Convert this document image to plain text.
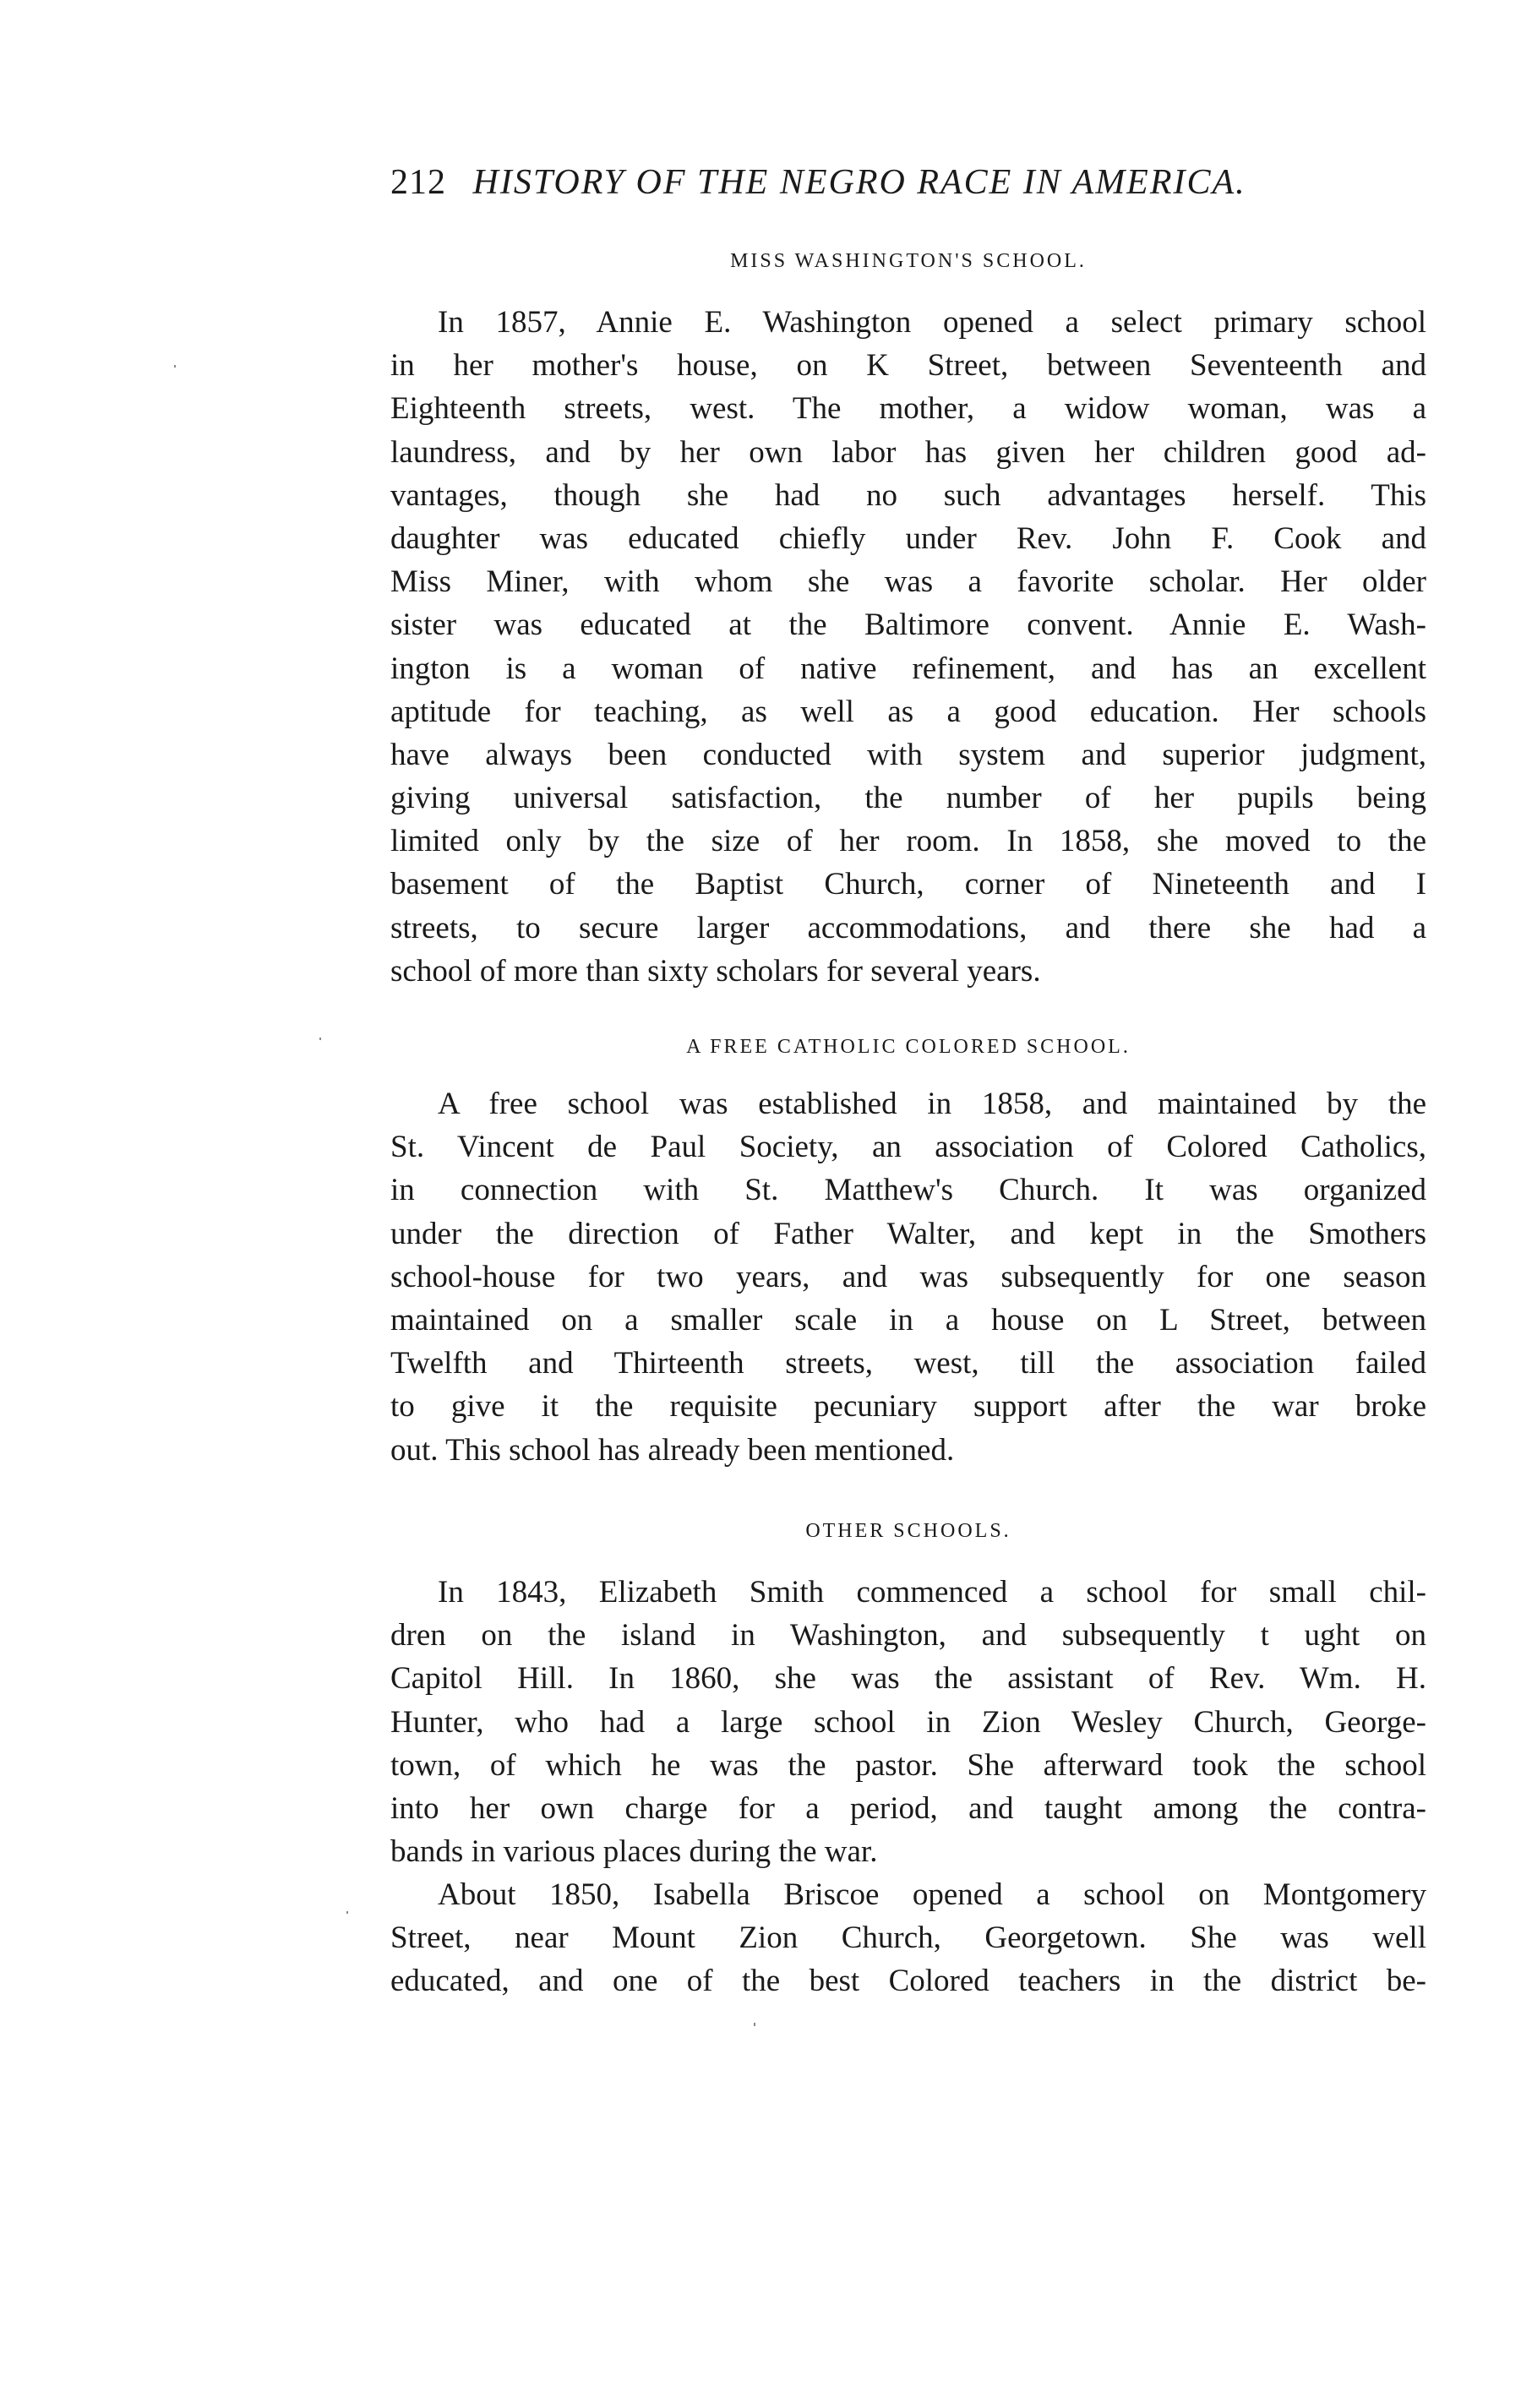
212 HISTORY OF THE NEGRO RACE IN AMERICA.
MISS WASHINGTON'S SCHOOL.
In 1857, Annie E. Washington opened a select primary school
in her mother's house, on K Street, between Seventeenth and
Eighteenth streets, west. The mother, a widow woman, was a
laundress, and by her own labor has given her children good ad-
vantages, though she had no such advantages herself. This
daughter was educated chiefly under Rev. John F. Cook and
Miss Miner, with whom she was a favorite scholar. Her older
sister was educated at the Baltimore convent. Annie E. Wash-
ington is a woman of native refinement, and has an excellent
aptitude for teaching, as well as a good education. Her schools
have always been conducted with system and superior judgment,
giving universal satisfaction, the number of her pupils being
limited only by the size of her room. In 1858, she moved to the
basement of the Baptist Church, corner of Nineteenth and I
streets, to secure larger accommodations, and there she had a
school of more than sixty scholars for several years.
A FREE CATHOLIC COLORED SCHOOL.
A free school was established in 1858, and maintained by the
St. Vincent de Paul Society, an association of Colored Catholics,
in connection with St. Matthew's Church. It was organized
under the direction of Father Walter, and kept in the Smothers
school-house for two years, and was subsequently for one season
maintained on a smaller scale in a house on L Street, between
Twelfth and Thirteenth streets, west, till the association failed
to give it the requisite pecuniary support after the war broke
out. This school has already been mentioned.
OTHER SCHOOLS.
In 1843, Elizabeth Smith commenced a school for small chil-
dren on the island in Washington, and subsequently t ught on
Capitol Hill. In 1860, she was the assistant of Rev. Wm. H.
Hunter, who had a large school in Zion Wesley Church, George-
town, of which he was the pastor. She afterward took the school
into her own charge for a period, and taught among the contra-
bands in various places during the war.
About 1850, Isabella Briscoe opened a school on Montgomery
Street, near Mount Zion Church, Georgetown. She was well
educated, and one of the best Colored teachers in the district be-
